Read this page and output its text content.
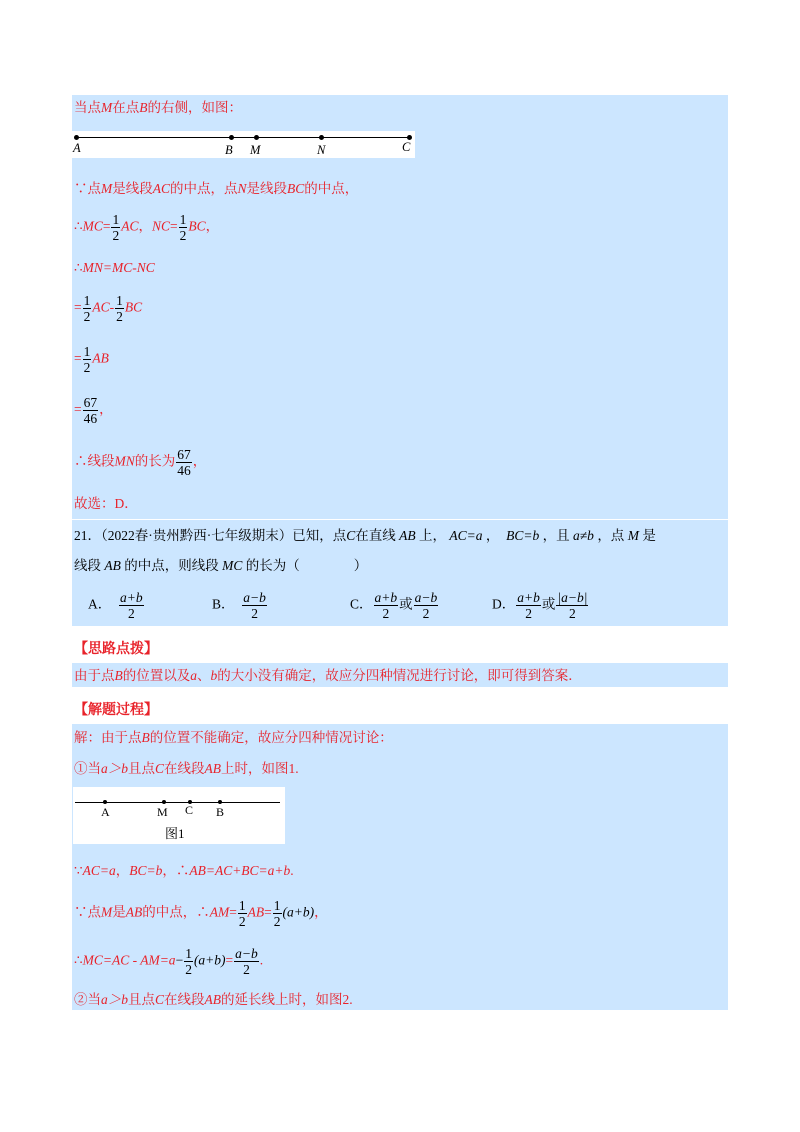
当点M在点B的右侧，如图：
A	B M	N	C
∵点M是线段AC的中点，点N是线段BC的中点，
∴MC= $\frac{1}{2}$ AC，$NC= \frac{1}{2}$ BC，
∴MN=MC-NC
= $\frac{1}{2} AC- \frac{1}{2}$ BC
= $\frac{1}{2}$ AB
= $\frac{67}{46}$ ，
∴线段MN的长为 $\frac{67}{46}$ ，
故选：D．
21．（2022春·贵州黔西·七年级期末）已知，点C在直线 AB 上， AC=a ， BC=b ，且 a≠b ，点 M 是
线段 AB 的中点，则线段 MC 的长为（　　　　）
A． $\frac{a+b}{2}$	B． $\frac{a-b}{2}$	C． $\frac{a+b}{2}$ 或 $\frac{a-b}{2}$	D． $\frac{a+b}{2}$ 或 $\frac{|a-b|}{2}$
【思路点拨】
由于点B的位置以及a、b的大小没有确定，故应分四种情况进行讨论，即可得到答案．
【解题过程】
解：由于点B的位置不能确定，故应分四种情况讨论：
①当a＞b且点C在线段AB上时，如图1.
A	M C B
图1
∵AC=a，BC=b，∴AB=AC+BC=a+b.
∵点M是AB的中点，∴AM= $\frac{1}{2} AB= \frac{1}{2} (a+b)$，
∴MC=AC - $AM=a- \frac{1}{2} (a+b)= \frac{a-b}{2}$ .
②当a＞b且点C在线段AB的延长线上时，如图2.
